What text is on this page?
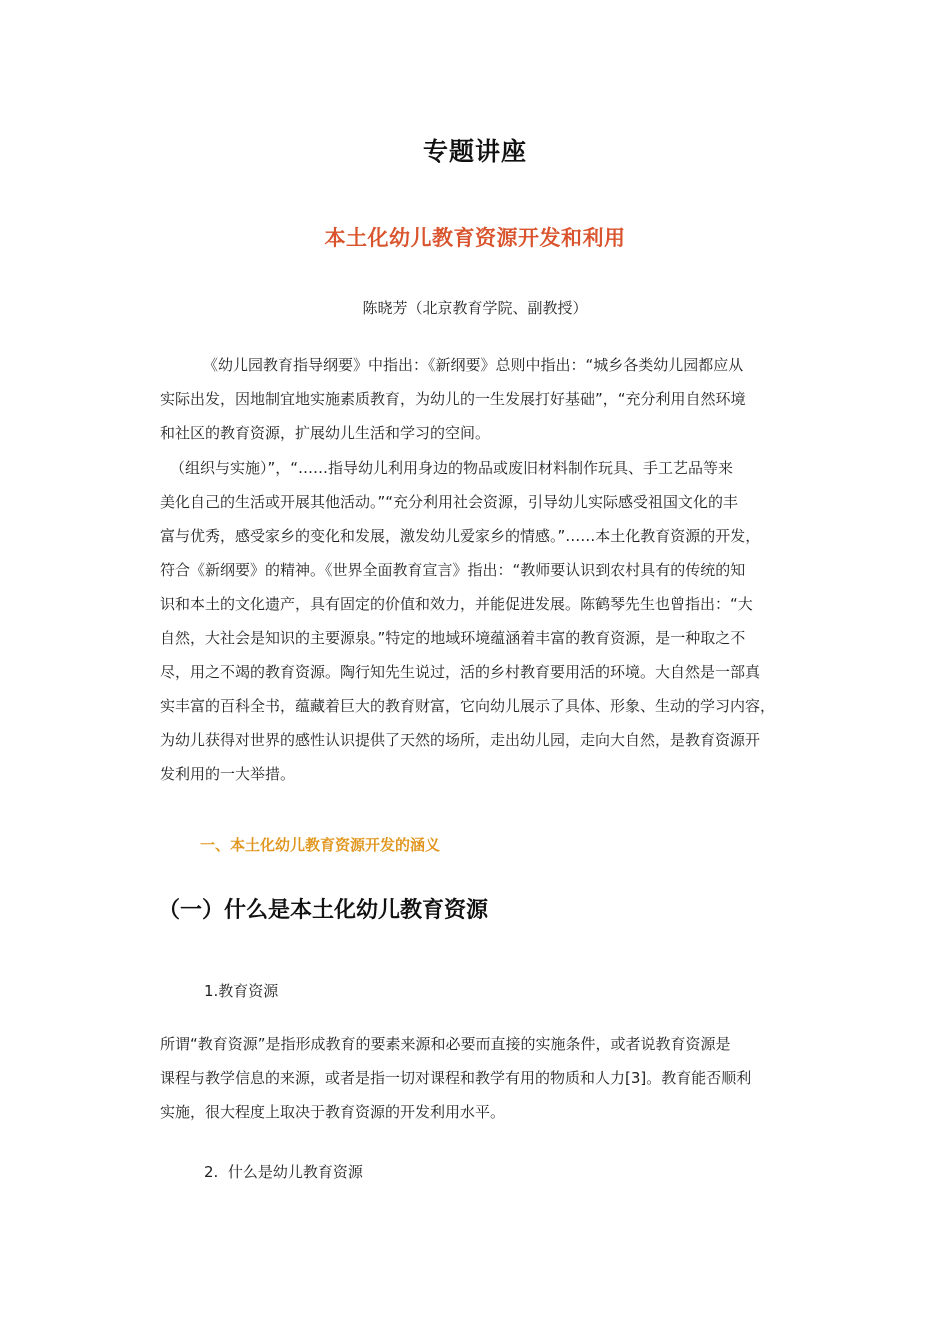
专题讲座
本土化幼儿教育资源开发和利用
陈晓芳（北京教育学院、副教授）
《幼儿园教育指导纲要》中指出：《新纲要》总则中指出：“城乡各类幼儿园都应从
实际出发，因地制宜地实施素质教育，为幼儿的一生发展打好基础”，“充分利用自然环境
和社区的教育资源，扩展幼儿生活和学习的空间。
（组织与实施）”，“……指导幼儿利用身边的物品或废旧材料制作玩具、手工艺品等来
美化自己的生活或开展其他活动。”“充分利用社会资源，引导幼儿实际感受祖国文化的丰
富与优秀，感受家乡的变化和发展，激发幼儿爱家乡的情感。”……本土化教育资源的开发，
符合《新纲要》的精神。《世界全面教育宣言》指出：“教师要认识到农村具有的传统的知
识和本土的文化遗产，具有固定的价值和效力，并能促进发展。陈鹤琴先生也曾指出：“大
自然，大社会是知识的主要源泉。”特定的地域环境蕴涵着丰富的教育资源，是一种取之不
尽，用之不竭的教育资源。陶行知先生说过，活的乡村教育要用活的环境。大自然是一部真
实丰富的百科全书，蕴藏着巨大的教育财富，它向幼儿展示了具体、形象、生动的学习内容，
为幼儿获得对世界的感性认识提供了天然的场所，走出幼儿园，走向大自然，是教育资源开
发利用的一大举措。
一、本土化幼儿教育资源开发的涵义
（一）什么是本土化幼儿教育资源
1.教育资源
所谓“教育资源”是指形成教育的要素来源和必要而直接的实施条件，或者说教育资源是
课程与教学信息的来源，或者是指一切对课程和教学有用的物质和人力[3]。教育能否顺利
实施，很大程度上取决于教育资源的开发利用水平。
2.  什么是幼儿教育资源
